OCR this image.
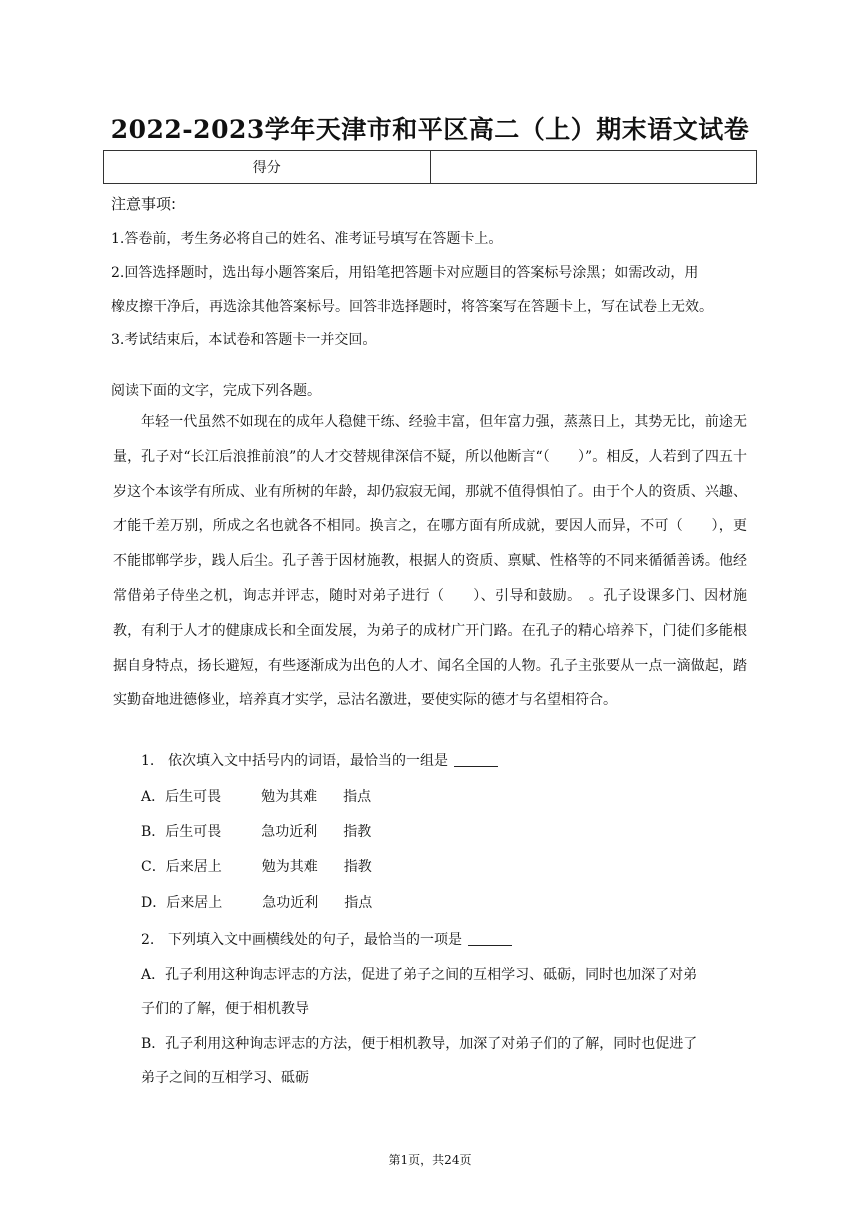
2022-2023学年天津市和平区高二（上）期末语文试卷
得分	
注意事项:
1.答卷前，考生务必将自己的姓名、准考证号填写在答题卡上。
2.回答选择题时，选出每小题答案后，用铅笔把答题卡对应题目的答案标号涂黑；如需改动，用
橡皮擦干净后，再选涂其他答案标号。回答非选择题时，将答案写在答题卡上，写在试卷上无效。
3.考试结束后，本试卷和答题卡一并交回。
阅读下面的文字，完成下列各题。

年轻一代虽然不如现在的成年人稳健干练、经验丰富，但年富力强，蒸蒸日上，其势无比，前途无量，孔子对“长江后浪推前浪”的人才交替规律深信不疑，所以他断言“（　　）”。相反，人若到了四五十岁这个本该学有所成、业有所树的年龄，却仍寂寂无闻，那就不值得惧怕了。由于个人的资质、兴趣、才能千差万别，所成之名也就各不相同。换言之，在哪方面有所成就，要因人而异，不可（　　），更不能邯郸学步，践人后尘。孔子善于因材施教，根据人的资质、禀赋、性格等的不同来循循善诱。他经常借弟子侍坐之机，询志并评志，随时对弟子进行（　　）、引导和鼓励。　。孔子设课多门、因材施教，有利于人才的健康成长和全面发展，为弟子的成材广开门路。在孔子的精心培养下，门徒们多能根据自身特点，扬长避短，有些逐渐成为出色的人才、闻名全国的人物。孔子主张要从一点一滴做起，踏实勤奋地进德修业，培养真才实学，忌沽名激进，要使实际的德才与名望相符合。

1. 依次填入文中括号内的词语，最恰当的一组是
A．后生可畏	勉为其难 指点
B．后生可畏	急功近利 指教
C．后来居上	勉为其难 指教
D．后来居上	急功近利 指点
2. 下列填入文中画横线处的句子，最恰当的一项是
A．孔子利用这种询志评志的方法，促进了弟子之间的互相学习、砥砺，同时也加深了对弟
子们的了解，便于相机教导
B．孔子利用这种询志评志的方法，便于相机教导，加深了对弟子们的了解，同时也促进了
弟子之间的互相学习、砥砺
第1页，共24页
